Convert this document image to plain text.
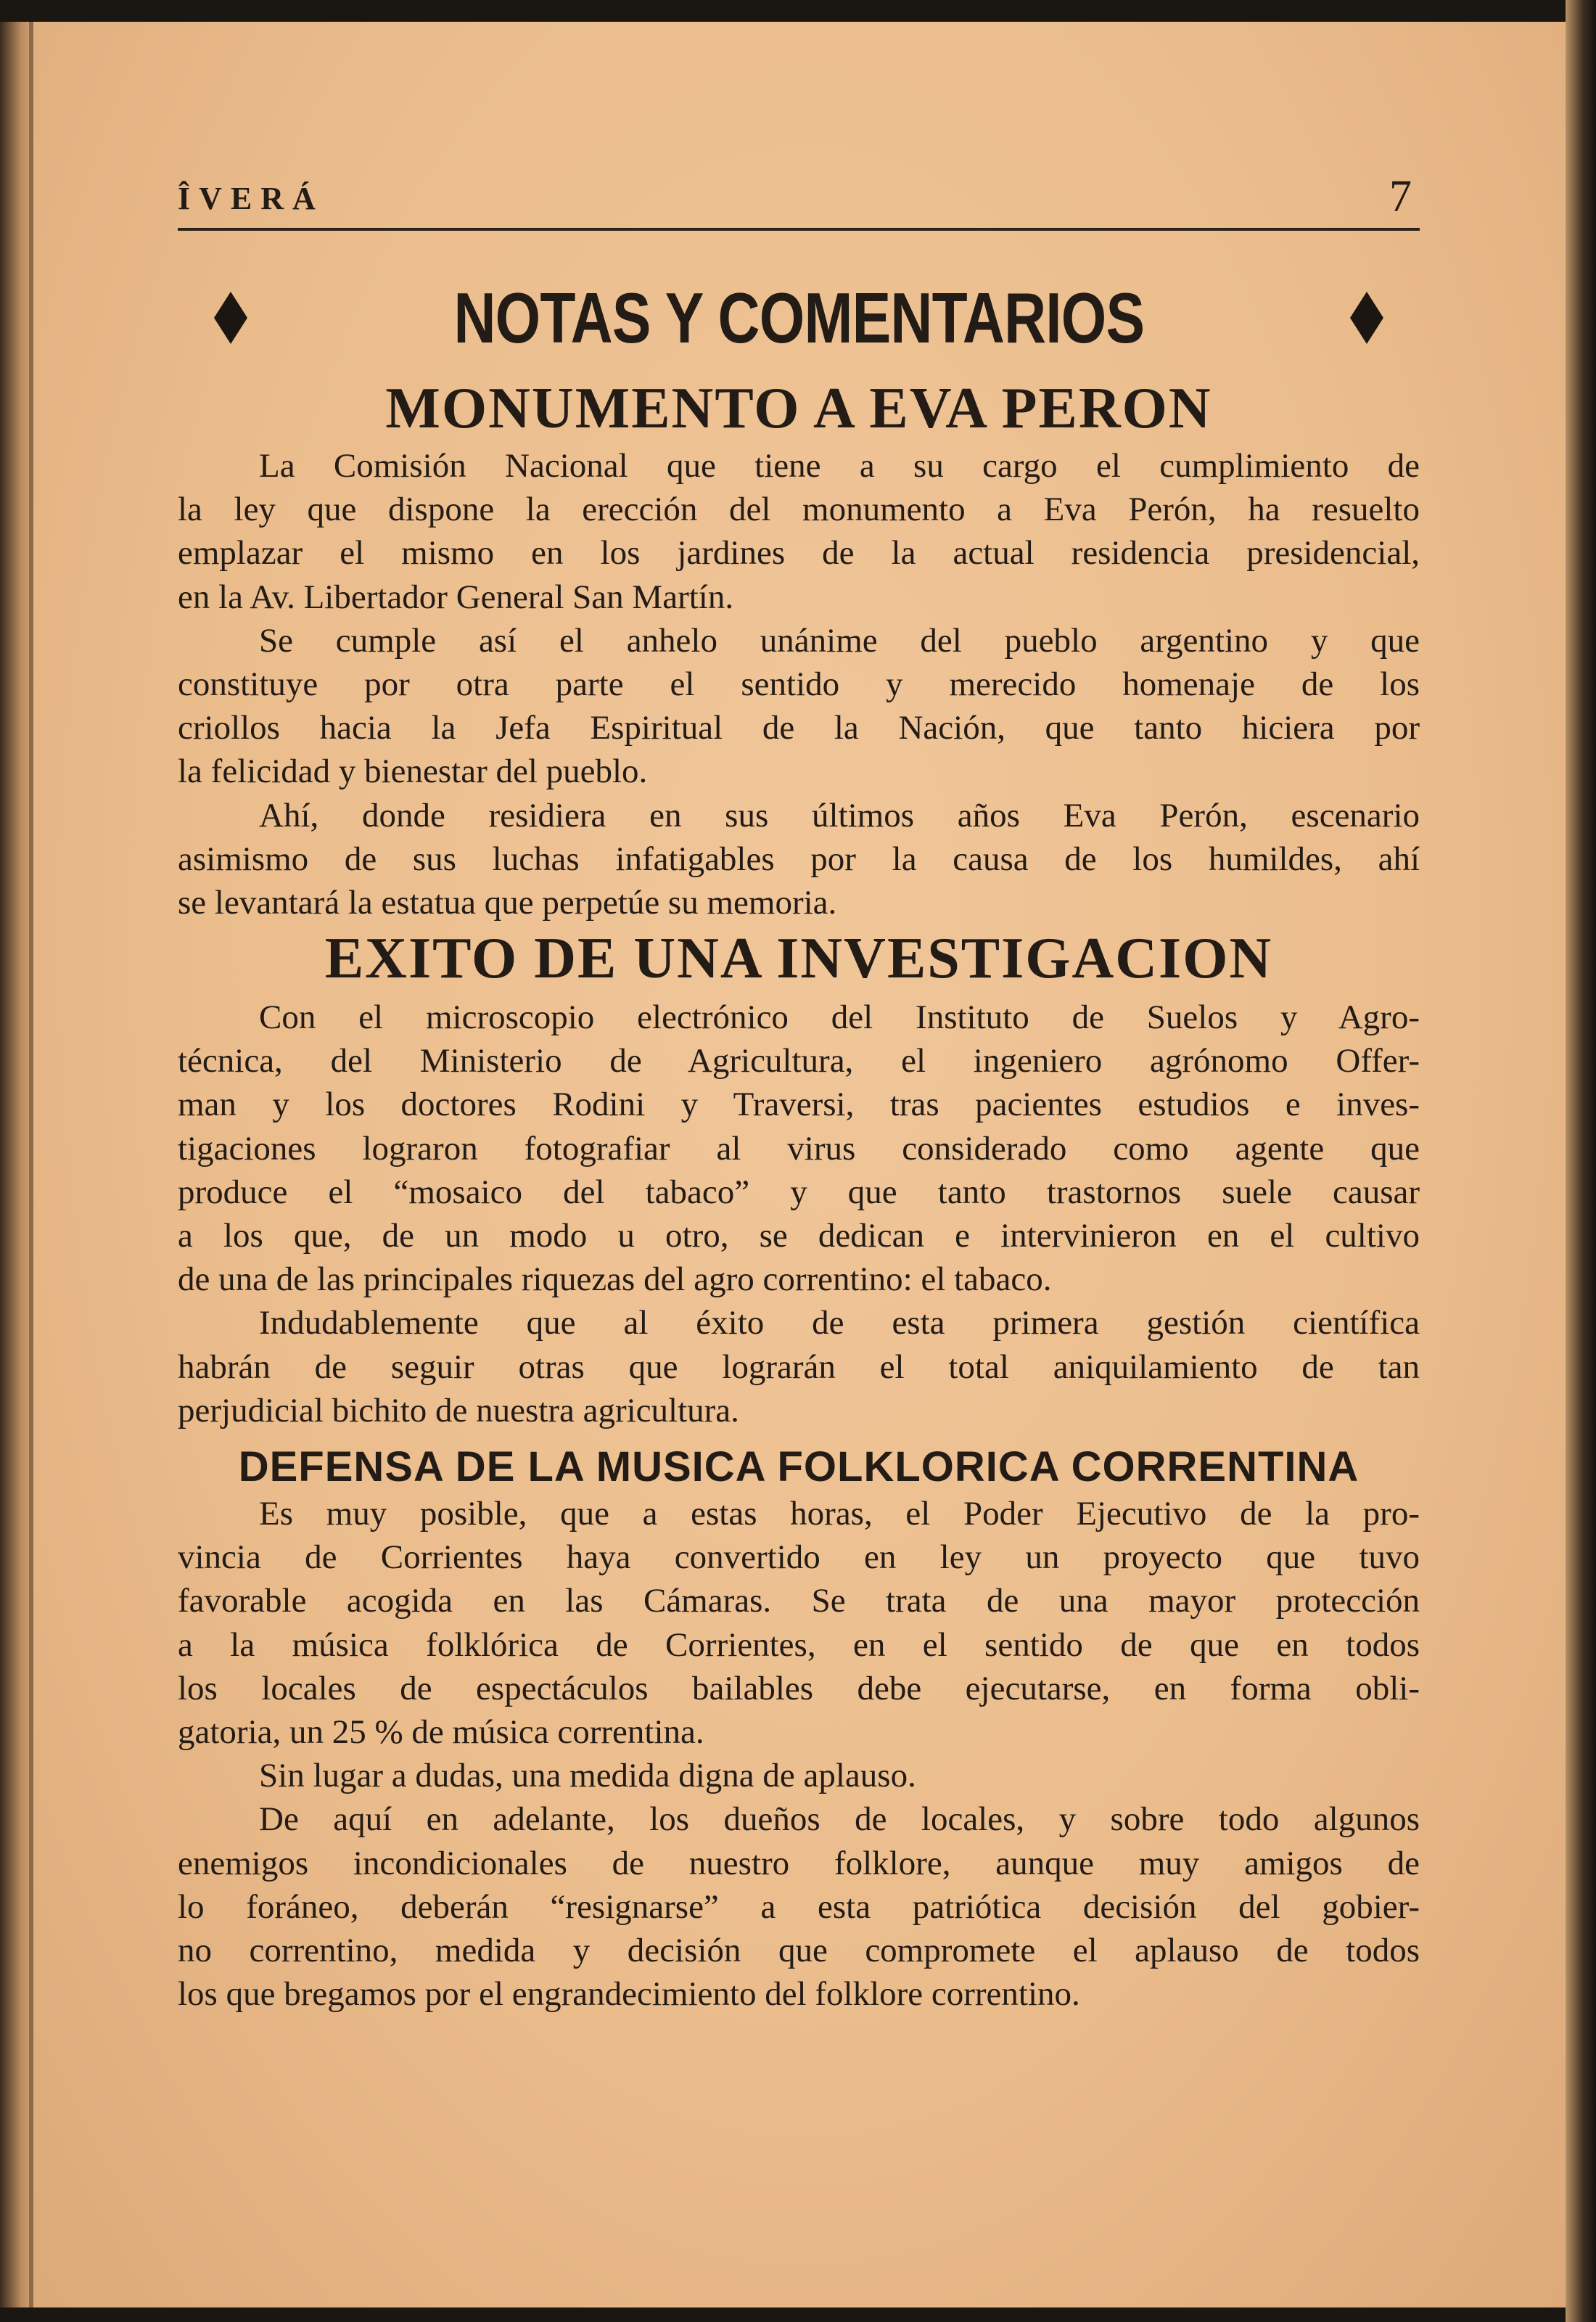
ÎVERÁ	7
NOTAS Y COMENTARIOS
MONUMENTO A EVA PERON
La Comisión Nacional que tiene a su cargo el cumplimiento de
la ley que dispone la erección del monumento a Eva Perón, ha resuelto
emplazar el mismo en los jardines de la actual residencia presidencial,
en la Av. Libertador General San Martín.
Se cumple así el anhelo unánime del pueblo argentino y que
constituye por otra parte el sentido y merecido homenaje de los
criollos hacia la Jefa Espiritual de la Nación, que tanto hiciera por
la felicidad y bienestar del pueblo.
Ahí, donde residiera en sus últimos años Eva Perón, escenario
asimismo de sus luchas infatigables por la causa de los humildes, ahí
se levantará la estatua que perpetúe su memoria.
EXITO DE UNA INVESTIGACION
Con el microscopio electrónico del Instituto de Suelos y Agro-
técnica, del Ministerio de Agricultura, el ingeniero agrónomo Offer-
man y los doctores Rodini y Traversi, tras pacientes estudios e inves-
tigaciones lograron fotografiar al virus considerado como agente que
produce el “mosaico del tabaco” y que tanto trastornos suele causar
a los que, de un modo u otro, se dedican e intervinieron en el cultivo
de una de las principales riquezas del agro correntino: el tabaco.
Indudablemente que al éxito de esta primera gestión científica
habrán de seguir otras que lograrán el total aniquilamiento de tan
perjudicial bichito de nuestra agricultura.
DEFENSA DE LA MUSICA FOLKLORICA CORRENTINA
Es muy posible, que a estas horas, el Poder Ejecutivo de la pro-
vincia de Corrientes haya convertido en ley un proyecto que tuvo
favorable acogida en las Cámaras. Se trata de una mayor protección
a la música folklórica de Corrientes, en el sentido de que en todos
los locales de espectáculos bailables debe ejecutarse, en forma obli-
gatoria, un 25 % de música correntina.
Sin lugar a dudas, una medida digna de aplauso.
De aquí en adelante, los dueños de locales, y sobre todo algunos
enemigos incondicionales de nuestro folklore, aunque muy amigos de
lo foráneo, deberán “resignarse” a esta patriótica decisión del gobier-
no correntino, medida y decisión que compromete el aplauso de todos
los que bregamos por el engrandecimiento del folklore correntino.
